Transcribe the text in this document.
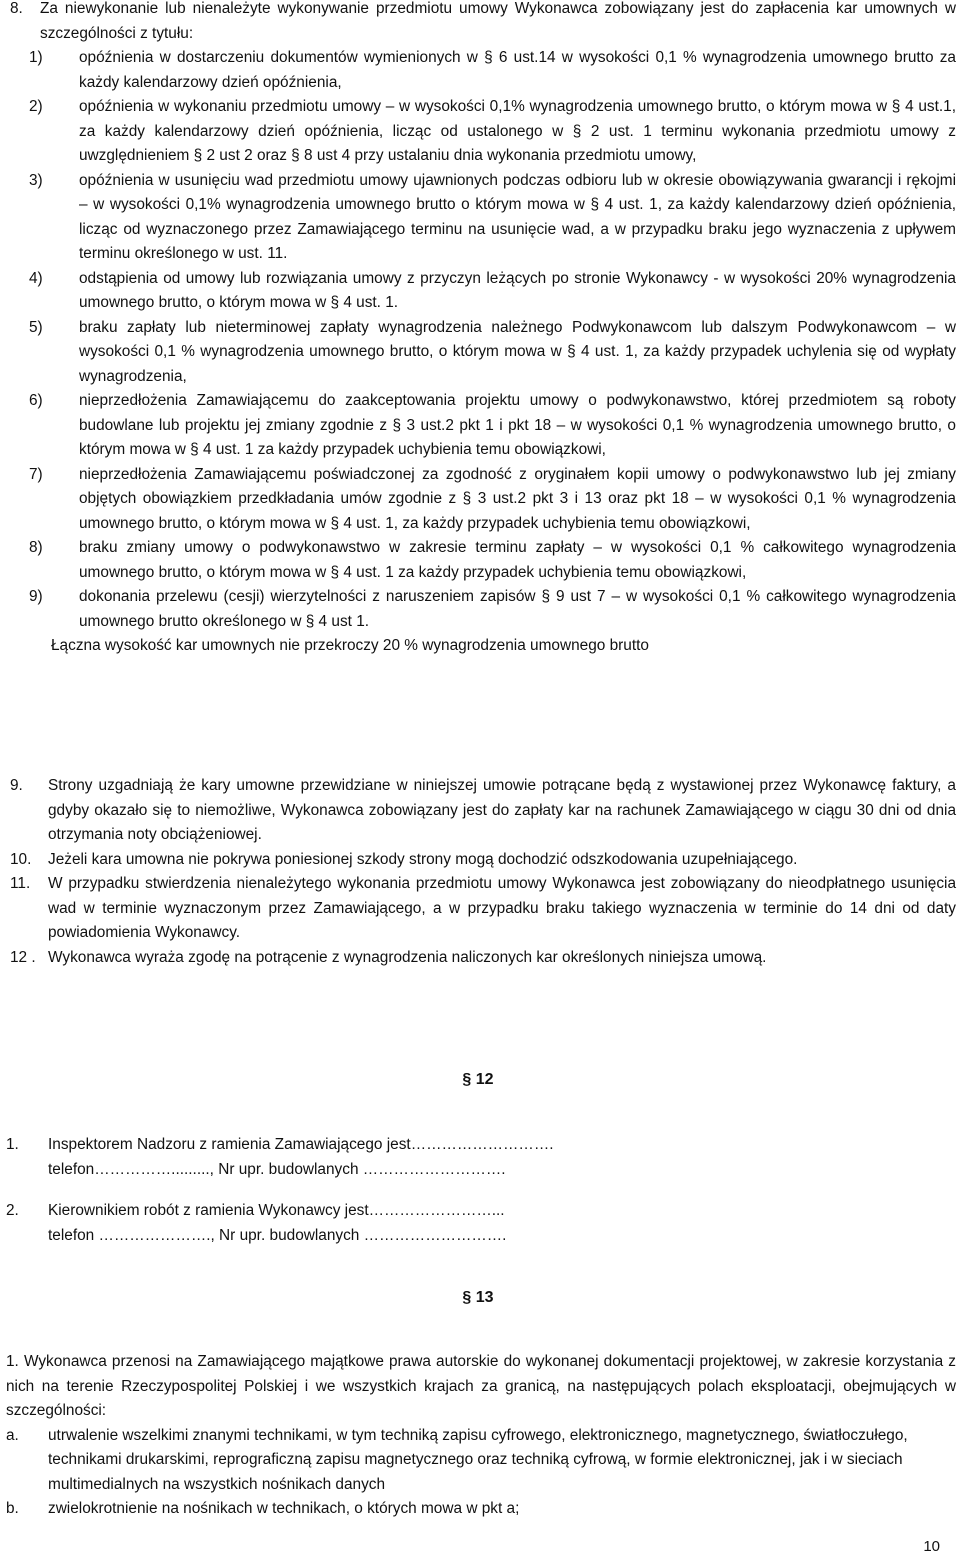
8. Za niewykonanie lub nienależyte wykonywanie przedmiotu umowy Wykonawca zobowiązany jest do zapłacenia kar umownych w szczególności z tytułu:
1) opóźnienia w dostarczeniu dokumentów wymienionych w § 6 ust.14 w wysokości 0,1 % wynagrodzenia umownego brutto za każdy kalendarzowy dzień opóźnienia,
2) opóźnienia w wykonaniu przedmiotu umowy – w wysokości 0,1% wynagrodzenia umownego brutto, o którym mowa w § 4 ust.1, za każdy kalendarzowy dzień opóźnienia, licząc od ustalonego w § 2 ust. 1 terminu wykonania przedmiotu umowy z uwzględnieniem § 2 ust 2 oraz § 8 ust 4 przy ustalaniu dnia wykonania przedmiotu umowy,
3) opóźnienia w usunięciu wad przedmiotu umowy ujawnionych podczas odbioru lub w okresie obowiązywania gwarancji i rękojmi – w wysokości 0,1% wynagrodzenia umownego brutto o którym mowa w § 4 ust. 1, za każdy kalendarzowy dzień opóźnienia, licząc od wyznaczonego przez Zamawiającego terminu na usunięcie wad, a w przypadku braku jego wyznaczenia z upływem terminu określonego w ust. 11.
4) odstąpienia od umowy lub rozwiązania umowy z przyczyn leżących po stronie Wykonawcy - w wysokości 20% wynagrodzenia umownego brutto, o którym mowa w § 4 ust. 1.
5) braku zapłaty lub nieterminowej zapłaty wynagrodzenia należnego Podwykonawcom lub dalszym Podwykonawcom – w wysokości 0,1 % wynagrodzenia umownego brutto, o którym mowa w § 4 ust. 1, za każdy przypadek uchylenia się od wypłaty wynagrodzenia,
6) nieprzedłożenia Zamawiającemu do zaakceptowania projektu umowy o podwykonawstwo, której przedmiotem są roboty budowlane lub projektu jej zmiany zgodnie z § 3 ust.2 pkt 1 i pkt 18 – w wysokości 0,1 % wynagrodzenia umownego brutto, o którym mowa w § 4 ust. 1 za każdy przypadek uchybienia temu obowiązkowi,
7) nieprzedłożenia Zamawiającemu poświadczonej za zgodność z oryginałem kopii umowy o podwykonawstwo lub jej zmiany objętych obowiązkiem przedkładania umów zgodnie z § 3 ust.2 pkt 3 i 13 oraz pkt 18 – w wysokości 0,1 % wynagrodzenia umownego brutto, o którym mowa w § 4 ust. 1, za każdy przypadek uchybienia temu obowiązkowi,
8) braku zmiany umowy o podwykonawstwo w zakresie terminu zapłaty – w wysokości 0,1 % całkowitego wynagrodzenia umownego brutto, o którym mowa w § 4 ust. 1 za każdy przypadek uchybienia temu obowiązkowi,
9) dokonania przelewu (cesji) wierzytelności z naruszeniem zapisów § 9 ust 7 – w wysokości 0,1 % całkowitego wynagrodzenia umownego brutto określonego w § 4 ust 1.
Łączna wysokość kar umownych nie przekroczy 20 % wynagrodzenia umownego brutto
9. Strony uzgadniają że kary umowne przewidziane w niniejszej umowie potrącane będą z wystawionej przez Wykonawcę faktury, a gdyby okazało się to niemożliwe, Wykonawca zobowiązany jest do zapłaty kar na rachunek Zamawiającego w ciągu 30 dni od dnia otrzymania noty obciążeniowej.
10. Jeżeli kara umowna nie pokrywa poniesionej szkody strony mogą dochodzić odszkodowania uzupełniającego.
11. W przypadku stwierdzenia nienależytego wykonania przedmiotu umowy Wykonawca jest zobowiązany do nieodpłatnego usunięcia wad w terminie wyznaczonym przez Zamawiającego, a w przypadku braku takiego wyznaczenia w terminie do 14 dni od daty powiadomienia Wykonawcy.
12 . Wykonawca wyraża zgodę na potrącenie z wynagrodzenia naliczonych kar określonych niniejsza umową.
§ 12
1. Inspektorem Nadzoru z ramienia Zamawiającego jest……………………….
telefon……………........., Nr upr. budowlanych ……………………….
2. Kierownikiem robót z ramienia Wykonawcy jest……………………...
telefon …………………., Nr upr. budowlanych ……………………….
§ 13
1. Wykonawca przenosi na Zamawiającego majątkowe prawa autorskie do wykonanej dokumentacji projektowej, w zakresie korzystania z nich na terenie Rzeczypospolitej Polskiej i we wszystkich krajach za granicą, na następujących polach eksploatacji, obejmujących w szczególności:
a. utrwalenie wszelkimi znanymi technikami, w tym techniką zapisu cyfrowego, elektronicznego, magnetycznego, światłoczułego, technikami drukarskimi, reprograficzną zapisu magnetycznego oraz techniką cyfrową, w formie elektronicznej, jak i w sieciach multimedialnych na wszystkich nośnikach danych
b. zwielokrotnienie na nośnikach w technikach, o których mowa w pkt a;
10
